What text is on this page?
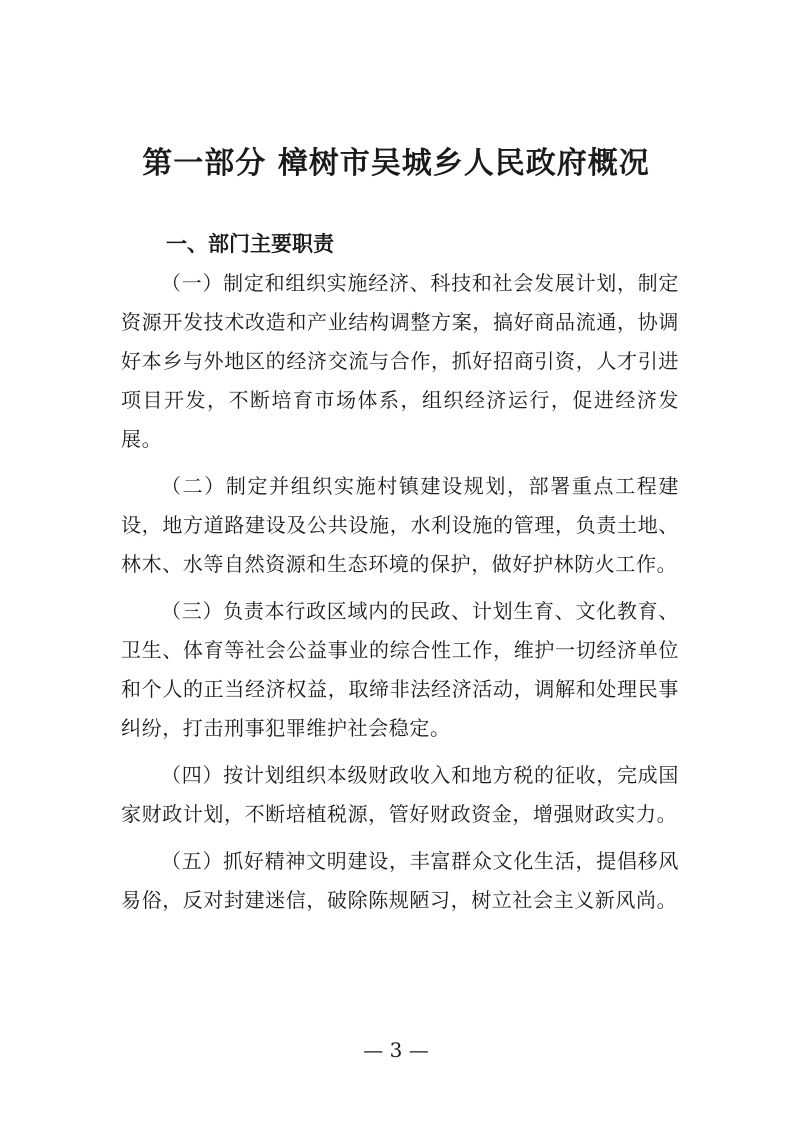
第一部分 樟树市吴城乡人民政府概况
一、部门主要职责

（一）制定和组织实施经济、科技和社会发展计划，制定资源开发技术改造和产业结构调整方案，搞好商品流通，协调好本乡与外地区的经济交流与合作，抓好招商引资，人才引进项目开发，不断培育市场体系，组织经济运行，促进经济发展。

（二）制定并组织实施村镇建设规划，部署重点工程建设，地方道路建设及公共设施，水利设施的管理，负责土地、林木、水等自然资源和生态环境的保护，做好护林防火工作。

（三）负责本行政区域内的民政、计划生育、文化教育、卫生、体育等社会公益事业的综合性工作，维护一切经济单位和个人的正当经济权益，取缔非法经济活动，调解和处理民事纠纷，打击刑事犯罪维护社会稳定。

（四）按计划组织本级财政收入和地方税的征收，完成国家财政计划，不断培植税源，管好财政资金，增强财政实力。

（五）抓好精神文明建设，丰富群众文化生活，提倡移风易俗，反对封建迷信，破除陈规陋习，树立社会主义新风尚。

— 3 —
